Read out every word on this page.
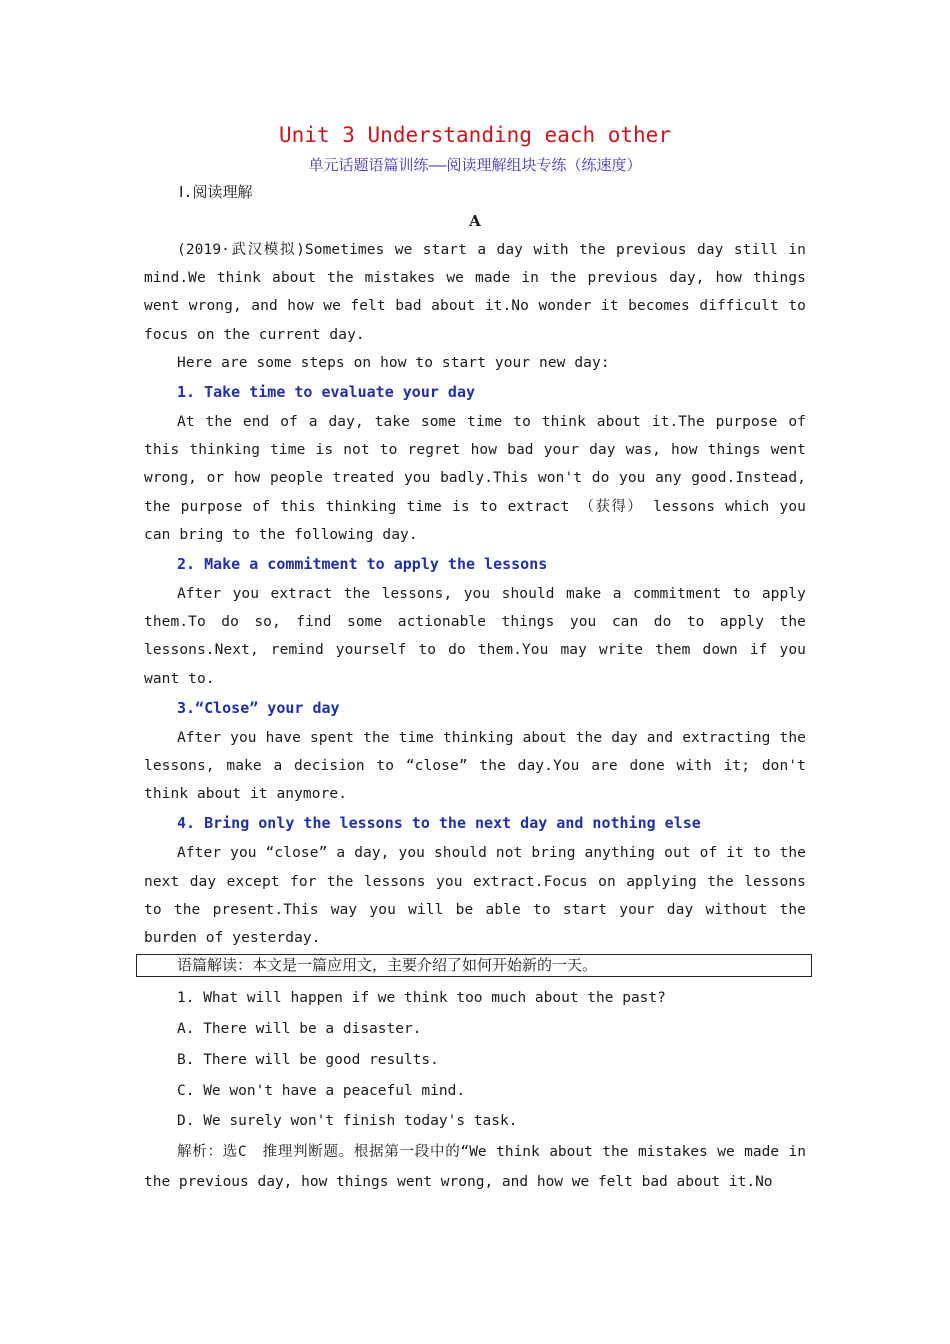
Unit 3 Understanding each other
单元话题语篇训练——阅读理解组块专练（练速度）
Ⅰ.阅读理解
A

(2019·武汉模拟)Sometimes we start a day with the previous day still in mind.We think about the mistakes we made in the previous day, how things went wrong, and how we felt bad about it.No wonder it becomes difficult to focus on the current day.

Here are some steps on how to start your new day:

1. Take time to evaluate your day

At the end of a day, take some time to think about it.The purpose of this thinking time is not to regret how bad your day was, how things went wrong, or how people treated you badly.This won't do you any good.Instead, the purpose of this thinking time is to extract （获得） lessons which you can bring to the following day.

2. Make a commitment to apply the lessons

After you extract the lessons, you should make a commitment to apply them.To do so, find some actionable things you can do to apply the lessons.Next, remind yourself to do them.You may write them down if you want to.

3.“Close” your day

After you have spent the time thinking about the day and extracting the lessons, make a decision to “close” the day.You are done with it; don't think about it anymore.

4. Bring only the lessons to the next day and nothing else

After you “close” a day, you should not bring anything out of it to the next day except for the lessons you extract.Focus on applying the lessons to the present.This way you will be able to start your day without the burden of yesterday.

语篇解读：本文是一篇应用文，主要介绍了如何开始新的一天。
1. What will happen if we think too much about the past?
A. There will be a disaster.
B. There will be good results.
C. We won't have a peaceful mind.
D. We surely won't finish today's task.

解析：选C　推理判断题。根据第一段中的“We think about the mistakes we made in the previous day, how things went wrong, and how we felt bad about it.No
